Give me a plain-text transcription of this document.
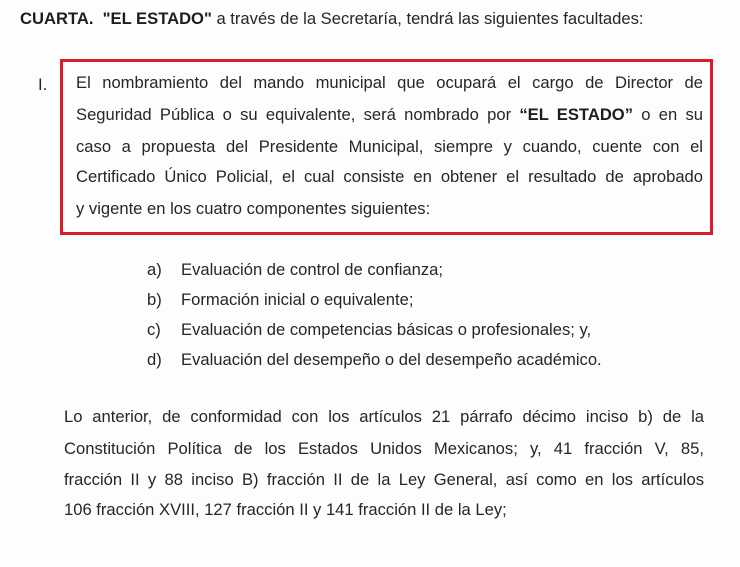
CUARTA. "EL ESTADO" a través de la Secretaría, tendrá las siguientes facultades:
I. El nombramiento del mando municipal que ocupará el cargo de Director de
Seguridad Pública o su equivalente, será nombrado por “EL ESTADO” o en su
caso a propuesta del Presidente Municipal, siempre y cuando, cuente con el
Certificado Único Policial, el cual consiste en obtener el resultado de aprobado
y vigente en los cuatro componentes siguientes:
a) Evaluación de control de confianza;
b) Formación inicial o equivalente;
c) Evaluación de competencias básicas o profesionales; y,
d) Evaluación del desempeño o del desempeño académico.
Lo anterior, de conformidad con los artículos 21 párrafo décimo inciso b) de la
Constitución Política de los Estados Unidos Mexicanos; y, 41 fracción V, 85,
fracción II y 88 inciso B) fracción II de la Ley General, así como en los artículos
106 fracción XVIII, 127 fracción II y 141 fracción II de la Ley;
